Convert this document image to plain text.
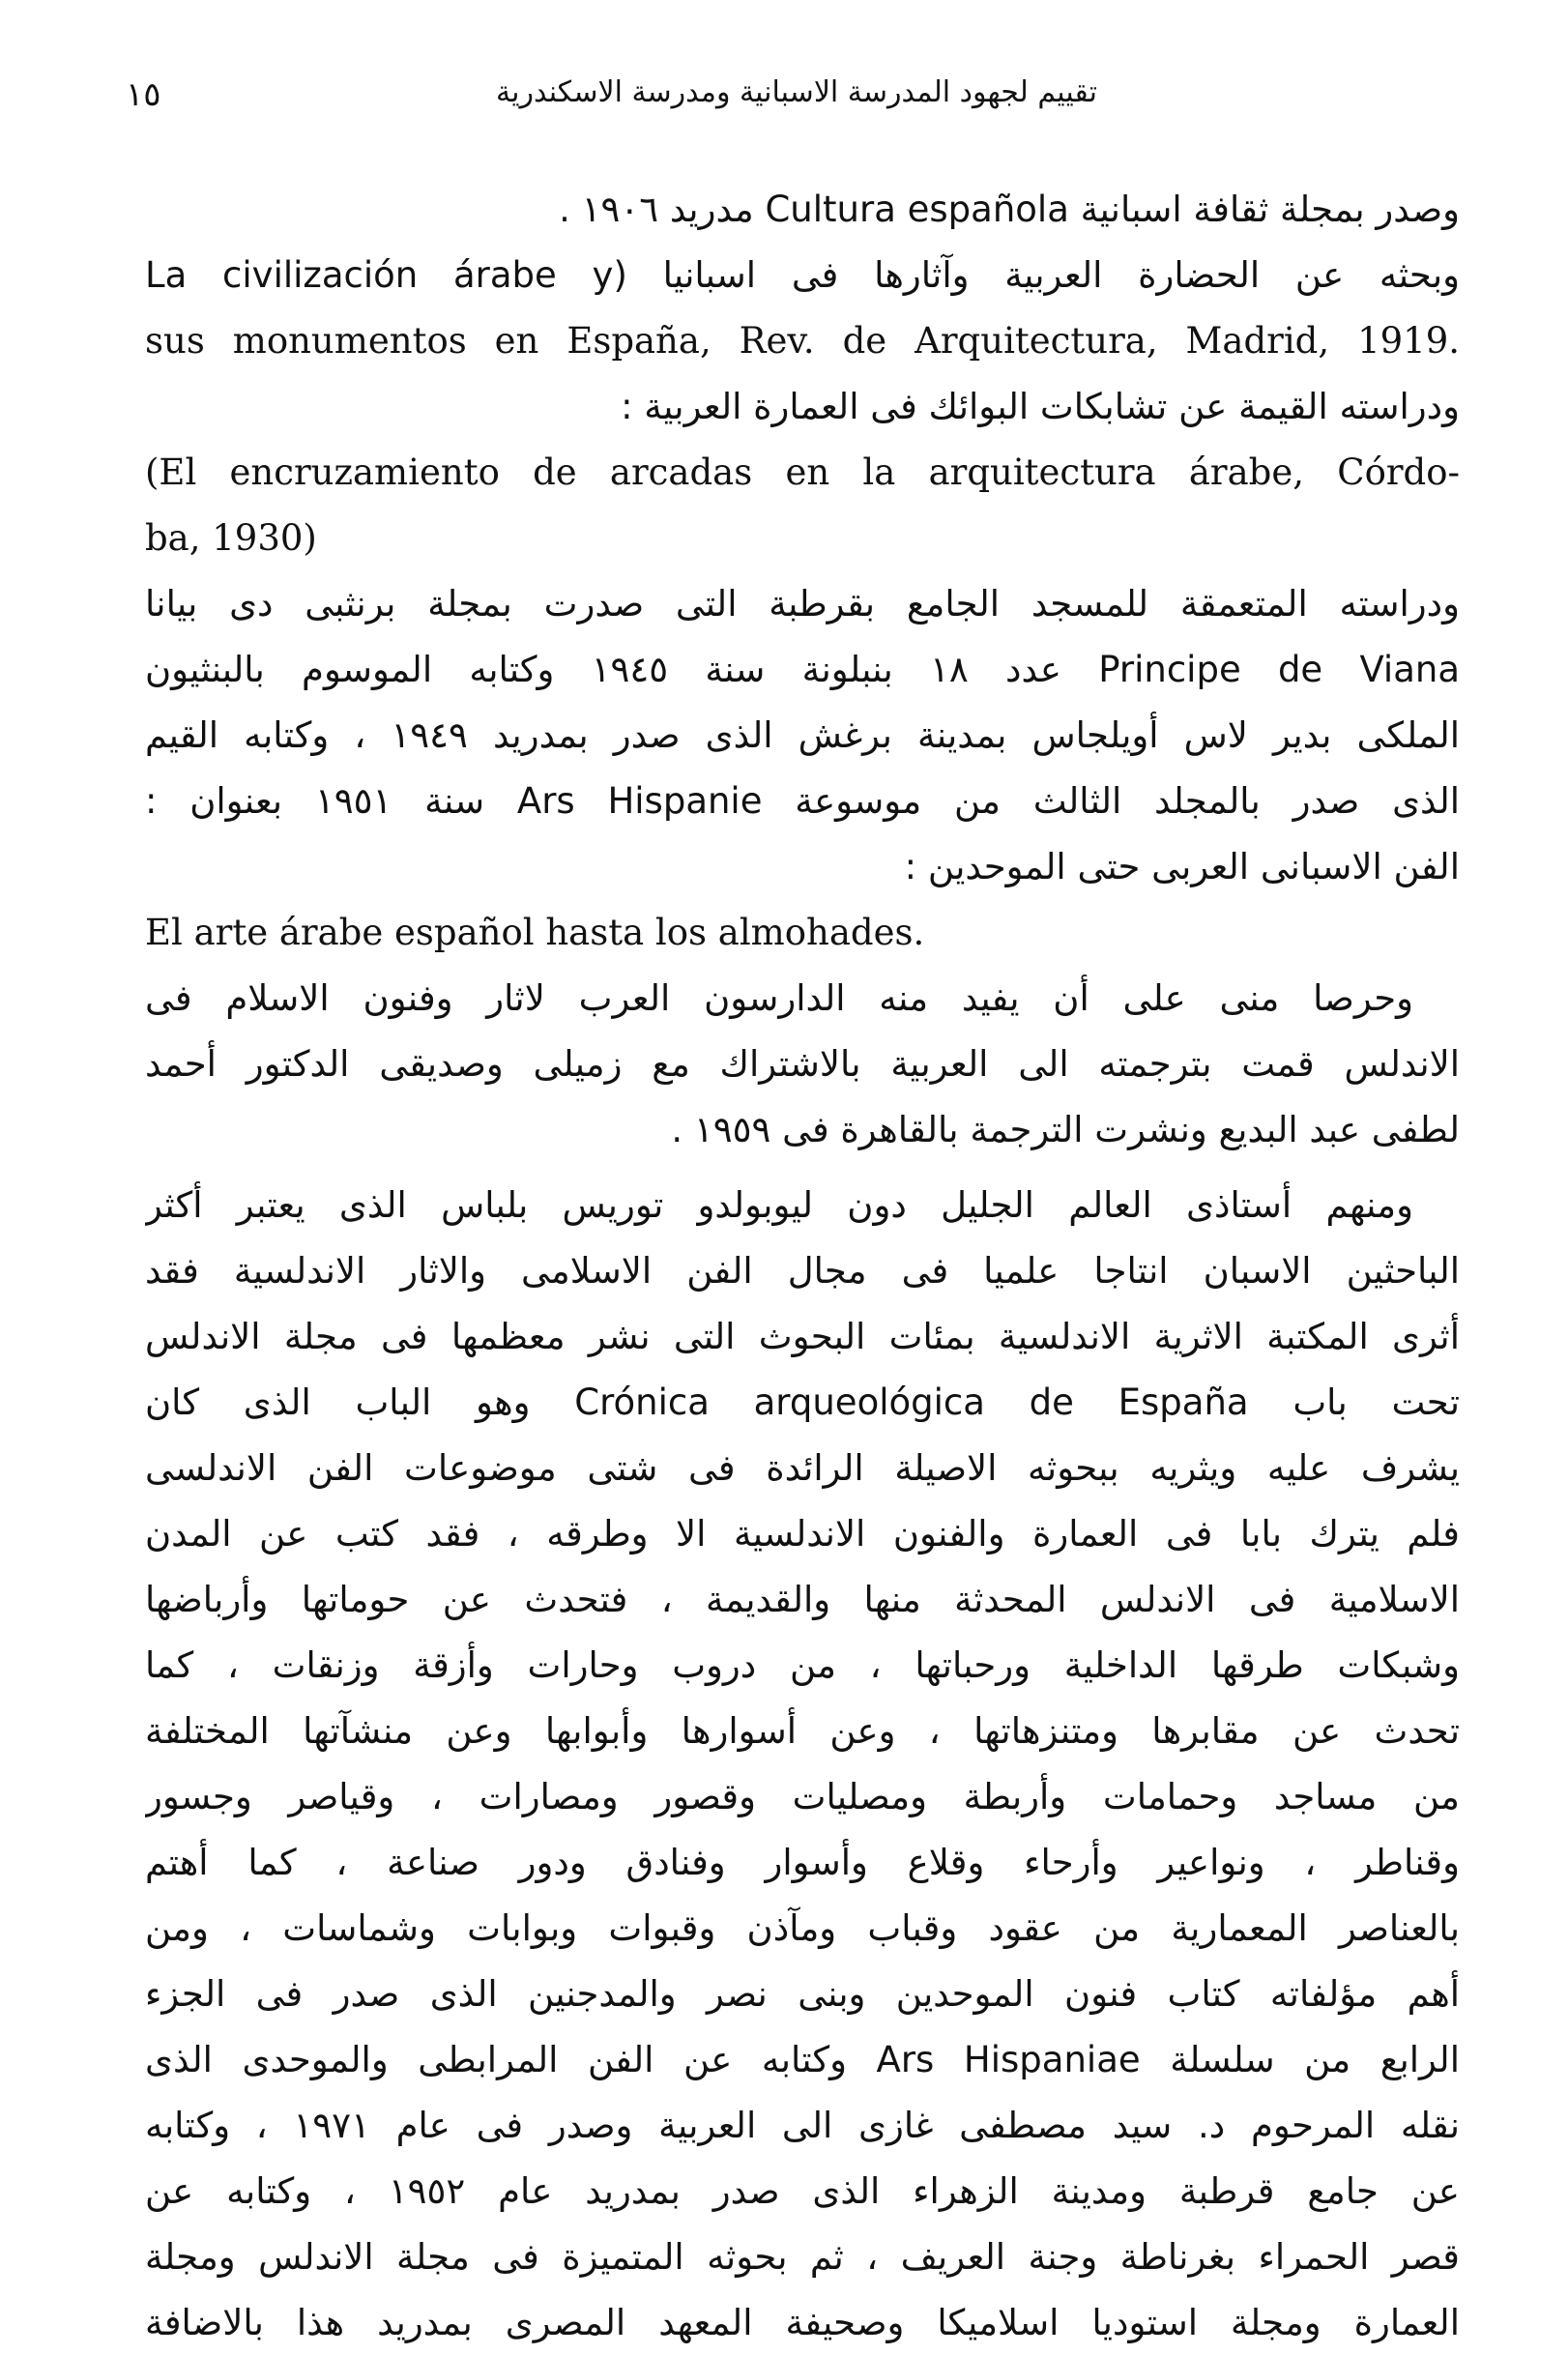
١٥	تقييم لجهود المدرسة الاسبانية ومدرسة الاسكندرية
وصدر بمجلة ثقافة اسبانية Cultura española مدريد ١٩٠٦ .
وبحثه عن الحضارة العربية وآثارها فى اسبانيا (La civilización árabe y
sus monumentos en España, Rev. de Arquitectura, Madrid, 1919.
ودراسته القيمة عن تشابكات البوائك فى العمارة العربية :
(El encruzamiento de arcadas en la arquitectura árabe, Córdo-
ba, 1930)
ودراسته المتعمقة للمسجد الجامع بقرطبة التى صدرت بمجلة برنثبى دى بيانا
Principe de Viana عدد ١٨ بنبلونة سنة ١٩٤٥ وكتابه الموسوم بالبنثيون
الملكى بدير لاس أويلجاس بمدينة برغش الذى صدر بمدريد ١٩٤٩ ، وكتابه القيم
الذى صدر بالمجلد الثالث من موسوعة Ars Hispanie سنة ١٩٥١ بعنوان :
الفن الاسبانى العربى حتى الموحدين :
El arte árabe español hasta los almohades.
وحرصا منى على أن يفيد منه الدارسون العرب لاثار وفنون الاسلام فى
الاندلس قمت بترجمته الى العربية بالاشتراك مع زميلى وصديقى الدكتور أحمد
لطفى عبد البديع ونشرت الترجمة بالقاهرة فى ١٩٥٩ .
ومنهم أستاذى العالم الجليل دون ليوبولدو توريس بلباس الذى يعتبر أكثر
الباحثين الاسبان انتاجا علميا فى مجال الفن الاسلامى والاثار الاندلسية فقد
أثرى المكتبة الاثرية الاندلسية بمئات البحوث التى نشر معظمها فى مجلة الاندلس
تحت باب Crónica arqueológica de España وهو الباب الذى كان
يشرف عليه ويثريه ببحوثه الاصيلة الرائدة فى شتى موضوعات الفن الاندلسى
فلم يترك بابا فى العمارة والفنون الاندلسية الا وطرقه ، فقد كتب عن المدن
الاسلامية فى الاندلس المحدثة منها والقديمة ، فتحدث عن حوماتها وأرباضها
وشبكات طرقها الداخلية ورحباتها ، من دروب وحارات وأزقة وزنقات ، كما
تحدث عن مقابرها ومتنزهاتها ، وعن أسوارها وأبوابها وعن منشآتها المختلفة
من مساجد وحمامات وأربطة ومصليات وقصور ومصارات ، وقياصر وجسور
وقناطر ، ونواعير وأرحاء وقلاع وأسوار وفنادق ودور صناعة ، كما أهتم
بالعناصر المعمارية من عقود وقباب ومآذن وقبوات وبوابات وشماسات ، ومن
أهم مؤلفاته كتاب فنون الموحدين وبنى نصر والمدجنين الذى صدر فى الجزء
الرابع من سلسلة Ars Hispaniae وكتابه عن الفن المرابطى والموحدى الذى
نقله المرحوم د. سيد مصطفى غازى الى العربية وصدر فى عام ١٩٧١ ، وكتابه
عن جامع قرطبة ومدينة الزهراء الذى صدر بمدريد عام ١٩٥٢ ، وكتابه عن
قصر الحمراء بغرناطة وجنة العريف ، ثم بحوثه المتميزة فى مجلة الاندلس ومجلة
العمارة ومجلة استوديا اسلاميكا وصحيفة المعهد المصرى بمدريد هذا بالاضافة
